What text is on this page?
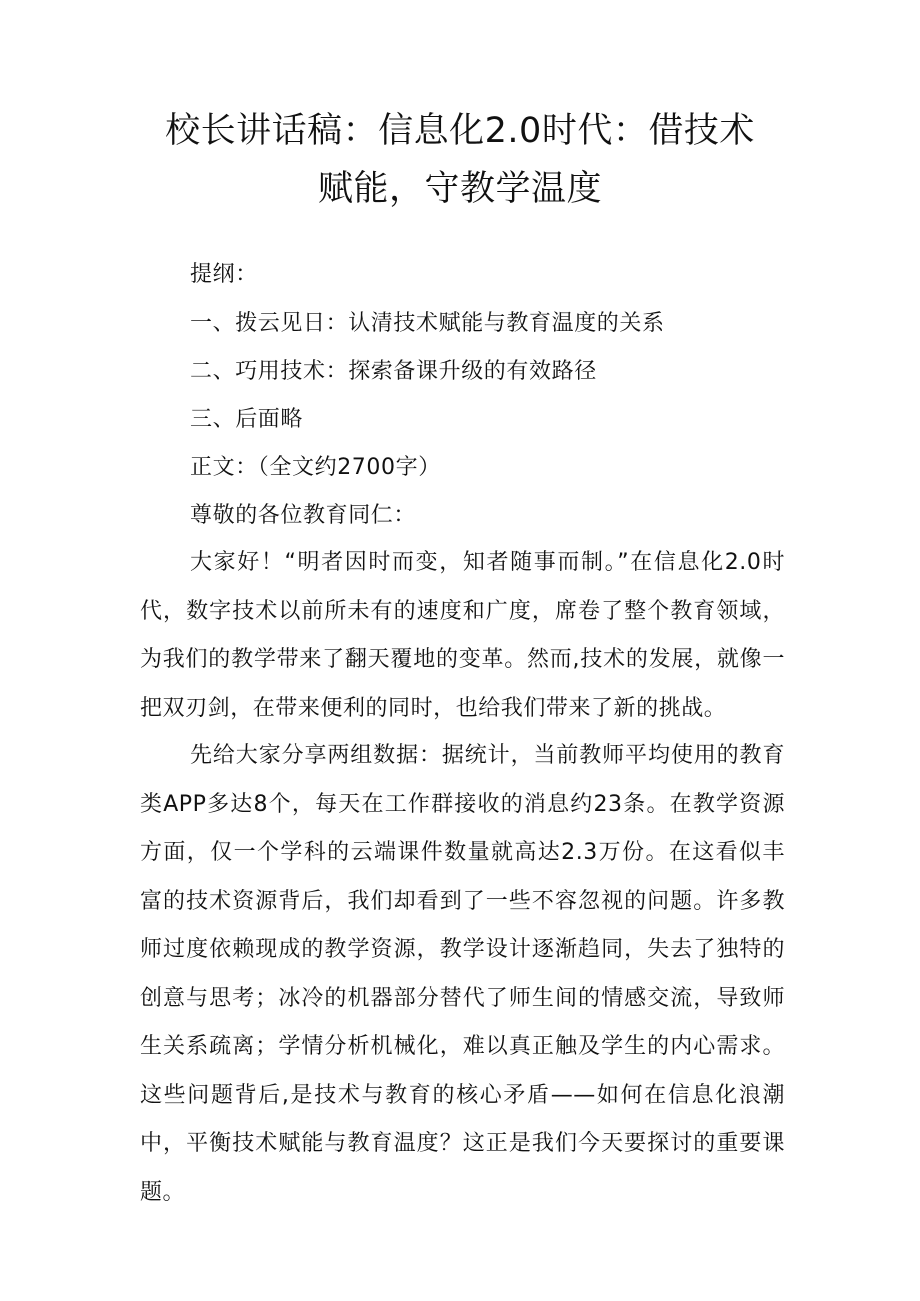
校长讲话稿：信息化2.0时代：借技术赋能，守教学温度

提纲：

一、拨云见日：认清技术赋能与教育温度的关系

二、巧用技术：探索备课升级的有效路径

三、后面略

正文：（全文约2700字）

尊敬的各位教育同仁：

大家好！“明者因时而变，知者随事而制。”在信息化2.0时代，数字技术以前所未有的速度和广度，席卷了整个教育领域，为我们的教学带来了翻天覆地的变革。然而,技术的发展，就像一把双刃剑，在带来便利的同时，也给我们带来了新的挑战。

先给大家分享两组数据：据统计，当前教师平均使用的教育类APP多达8个，每天在工作群接收的消息约23条。在教学资源方面，仅一个学科的云端课件数量就高达2.3万份。在这看似丰富的技术资源背后，我们却看到了一些不容忽视的问题。许多教师过度依赖现成的教学资源，教学设计逐渐趋同，失去了独特的创意与思考；冰冷的机器部分替代了师生间的情感交流，导致师生关系疏离；学情分析机械化，难以真正触及学生的内心需求。这些问题背后,是技术与教育的核心矛盾——如何在信息化浪潮中，平衡技术赋能与教育温度？这正是我们今天要探讨的重要课题。
